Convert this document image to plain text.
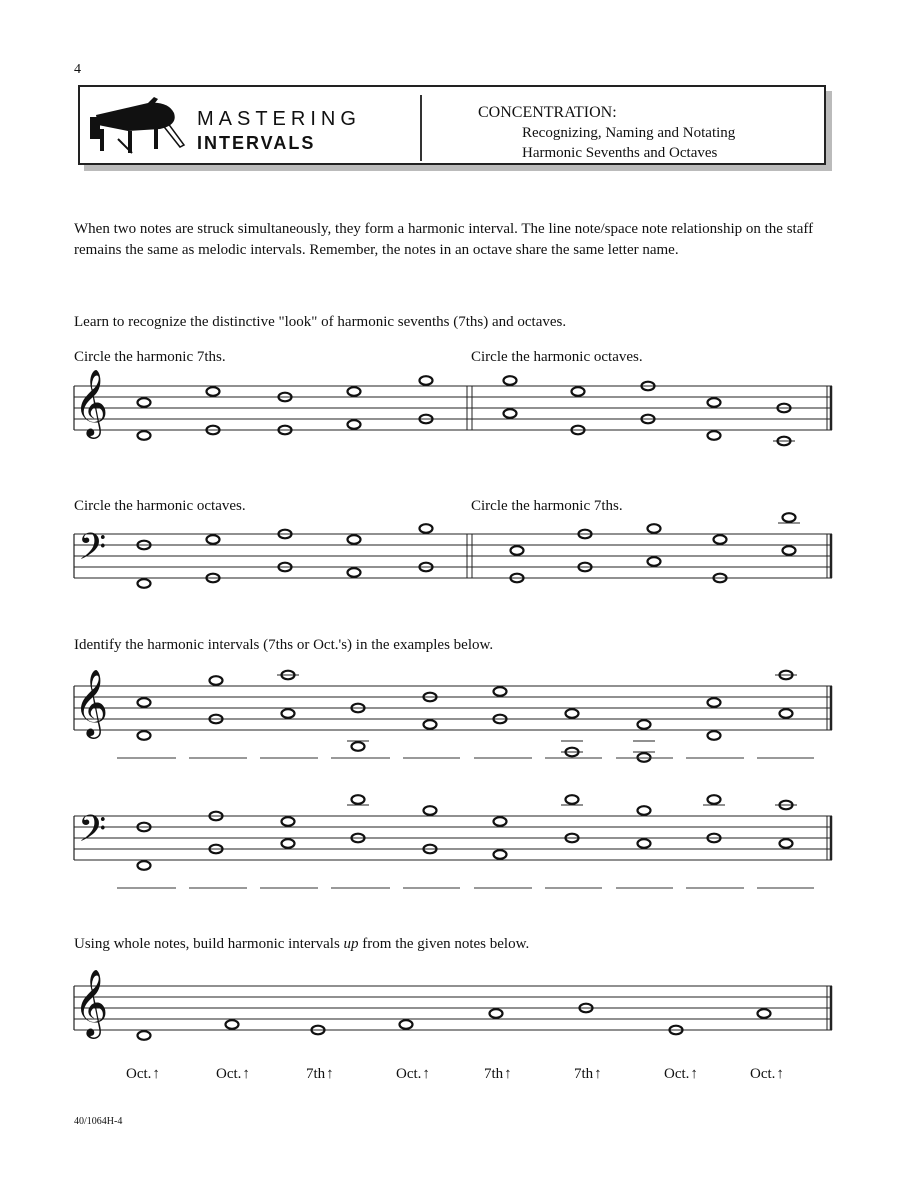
4
MASTERING
INTERVALS
CONCENTRATION:
Recognizing, Naming and Notating
Harmonic Sevenths and Octaves
When two notes are struck simultaneously, they form a harmonic interval. The line note/space note relationship on the staff remains the same as melodic intervals. Remember, the notes in an octave share the same letter name.
Learn to recognize the distinctive "look" of harmonic sevenths (7ths) and octaves.
Circle the harmonic 7ths.	Circle the harmonic octaves.
Circle the harmonic octaves.	Circle the harmonic 7ths.
Identify the harmonic intervals (7ths or Oct.'s) in the examples below.
Using whole notes, build harmonic intervals up from the given notes below.
𝄞
𝄢
𝄞
𝄢
𝄞
Oct.↑	Oct.↑	7th↑	Oct.↑	7th↑	7th↑	Oct.↑	Oct.↑
40/1064H-4
